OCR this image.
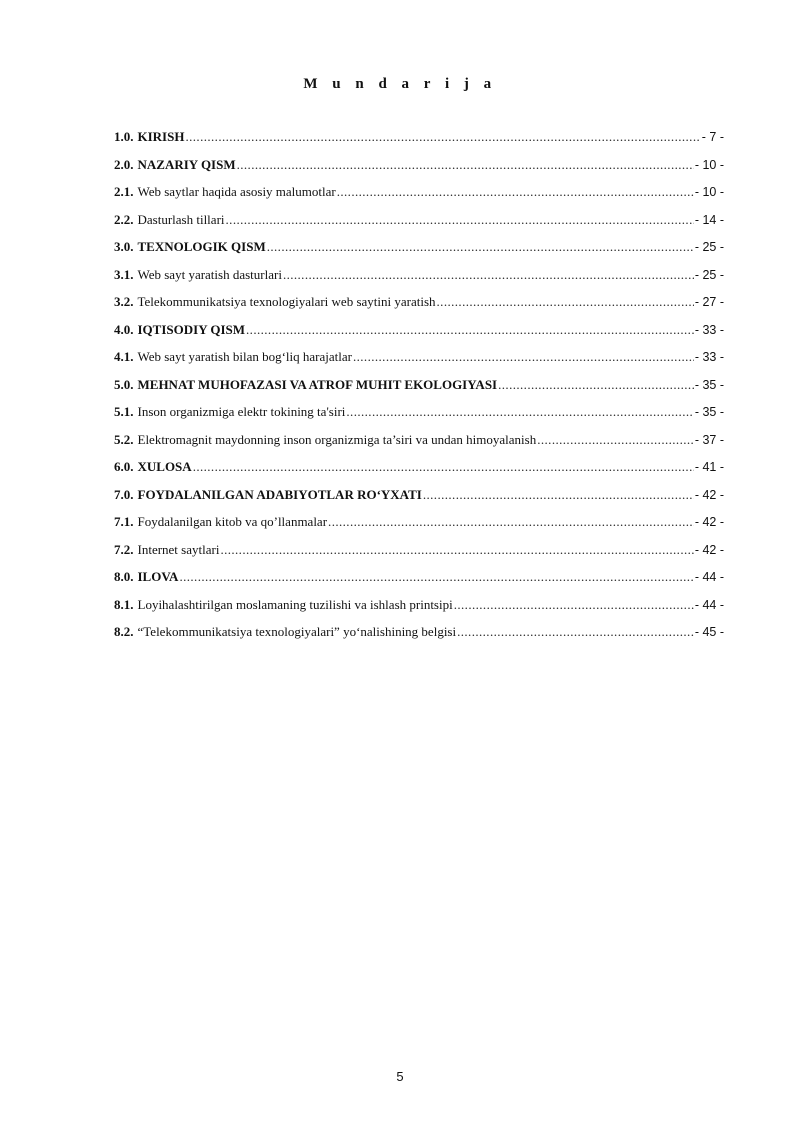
M u n d a r i j a
1.0. KIRISH .....	- 7 -
2.0. NAZARIY QISM .....	- 10 -
2.1. Web saytlar haqida asosiy malumotlar .....	- 10 -
2.2. Dasturlash tillari .....	- 14 -
3.0. TEXNOLOGIK QISM .....	- 25 -
3.1. Web sayt yaratish dasturlari .....	- 25 -
3.2. Telekommunikatsiya texnologiyalari web saytini yaratish .....	- 27 -
4.0. IQTISODIY QISM .....	- 33 -
4.1. Web sayt yaratish bilan bog‘liq harajatlar .....	- 33 -
5.0. MEHNAT MUHOFAZASI VA ATROF MUHIT EKOLOGIYASI .....	- 35 -
5.1. Inson organizmiga elektr tokining ta'siri .....	- 35 -
5.2. Elektromagnit maydonning inson organizmiga ta’siri va undan himoyalanish .....	- 37 -
6.0. XULOSA .....	- 41 -
7.0. FOYDALANILGAN ADABIYOTLAR RO‘YXATI .....	- 42 -
7.1. Foydalanilgan kitob va qo’llanmalar .....	- 42 -
7.2. Internet saytlari .....	- 42 -
8.0. ILOVA .....	- 44 -
8.1. Loyihalashtirilgan moslamaning tuzilishi va ishlash printsipi .....	- 44 -
8.2. “Telekommunikatsiya texnologiyalari” yo‘nalishining belgisi .....	- 45 -

5
